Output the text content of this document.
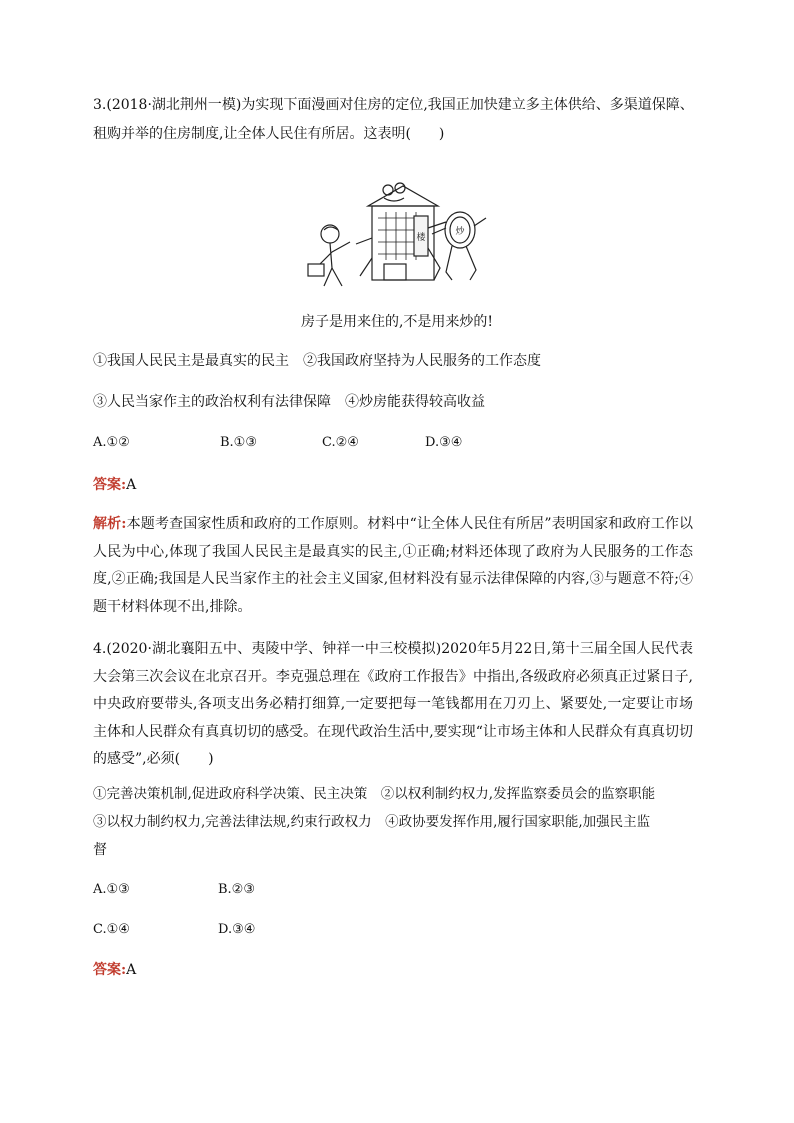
3.(2018·湖北荆州一模)为实现下面漫画对住房的定位,我国正加快建立多主体供给、多渠道保障、

租购并举的住房制度,让全体人民住有所居。这表明(　　)

楼
炒
房子是用来住的,不是用来炒的!

①我国人民民主是最真实的民主　②我国政府坚持为人民服务的工作态度

③人民当家作主的政治权利有法律保障　④炒房能获得较高收益

A.①②	B.①③	C.②④	D.③④

答案:A

解析:本题考查国家性质和政府的工作原则。材料中“让全体人民住有所居”表明国家和政府工作以人民为中心,体现了我国人民民主是最真实的民主,①正确;材料还体现了政府为人民服务的工作态度,②正确;我国是人民当家作主的社会主义国家,但材料没有显示法律保障的内容,③与题意不符;④题干材料体现不出,排除。

4.(2020·湖北襄阳五中、夷陵中学、钟祥一中三校模拟)2020年5月22日,第十三届全国人民代表大会第三次会议在北京召开。李克强总理在《政府工作报告》中指出,各级政府必须真正过紧日子,中央政府要带头,各项支出务必精打细算,一定要把每一笔钱都用在刀刃上、紧要处,一定要让市场主体和人民群众有真真切切的感受。在现代政治生活中,要实现“让市场主体和人民群众有真真切切的感受”,必须(　　)

①完善决策机制,促进政府科学决策、民主决策　②以权利制约权力,发挥监察委员会的监察职能

③以权力制约权力,完善法律法规,约束行政权力　④政协要发挥作用,履行国家职能,加强民主监

督

A.①③	B.②③
C.①④	D.③④

答案:A
